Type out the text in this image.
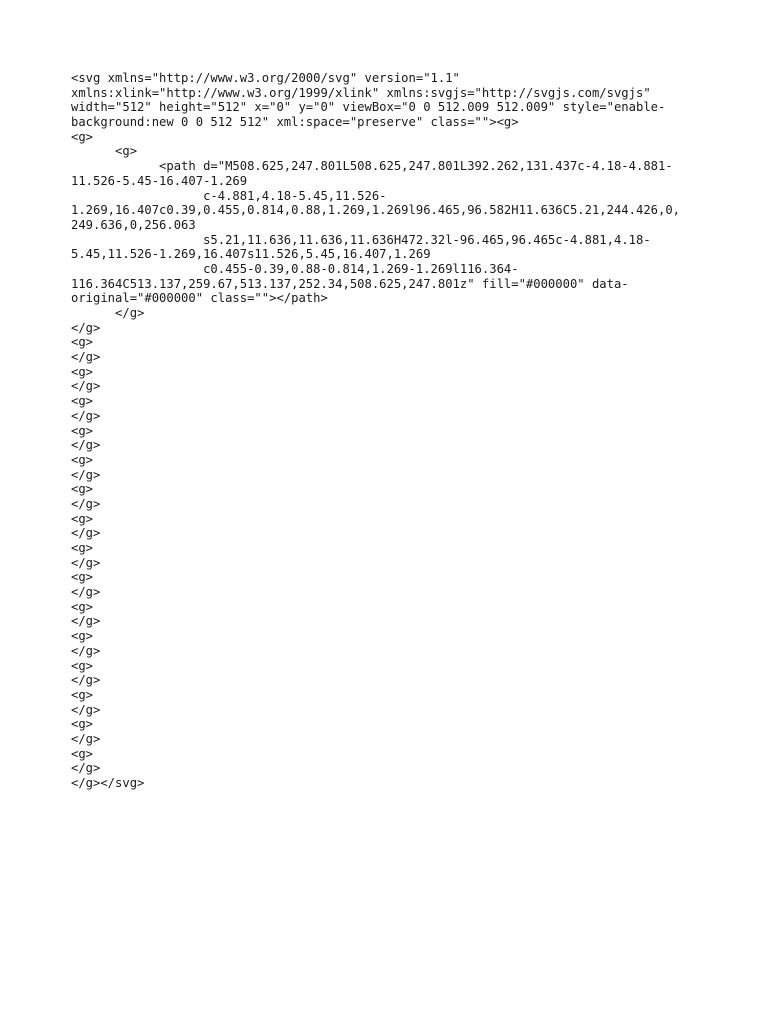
<svg xmlns="http://www.w3.org/2000/svg" version="1.1"
xmlns:xlink="http://www.w3.org/1999/xlink" xmlns:svgjs="http://svgjs.com/svgjs"
width="512" height="512" x="0" y="0" viewBox="0 0 512.009 512.009" style="enable-
background:new 0 0 512 512" xml:space="preserve" class=""><g>
<g>
<g>
<path d="M508.625,247.801L508.625,247.801L392.262,131.437c-4.18-4.881-
11.526-5.45-16.407-1.269
c-4.881,4.18-5.45,11.526-
1.269,16.407c0.39,0.455,0.814,0.88,1.269,1.269l96.465,96.582H11.636C5.21,244.426,0,
249.636,0,256.063
s5.21,11.636,11.636,11.636H472.32l-96.465,96.465c-4.881,4.18-
5.45,11.526-1.269,16.407s11.526,5.45,16.407,1.269
c0.455-0.39,0.88-0.814,1.269-1.269l116.364-
116.364C513.137,259.67,513.137,252.34,508.625,247.801z" fill="#000000" data-
original="#000000" class=""></path>
</g>
</g>
<g>
</g>
<g>
</g>
<g>
</g>
<g>
</g>
<g>
</g>
<g>
</g>
<g>
</g>
<g>
</g>
<g>
</g>
<g>
</g>
<g>
</g>
<g>
</g>
<g>
</g>
<g>
</g>
<g>
</g>
</g></svg>
